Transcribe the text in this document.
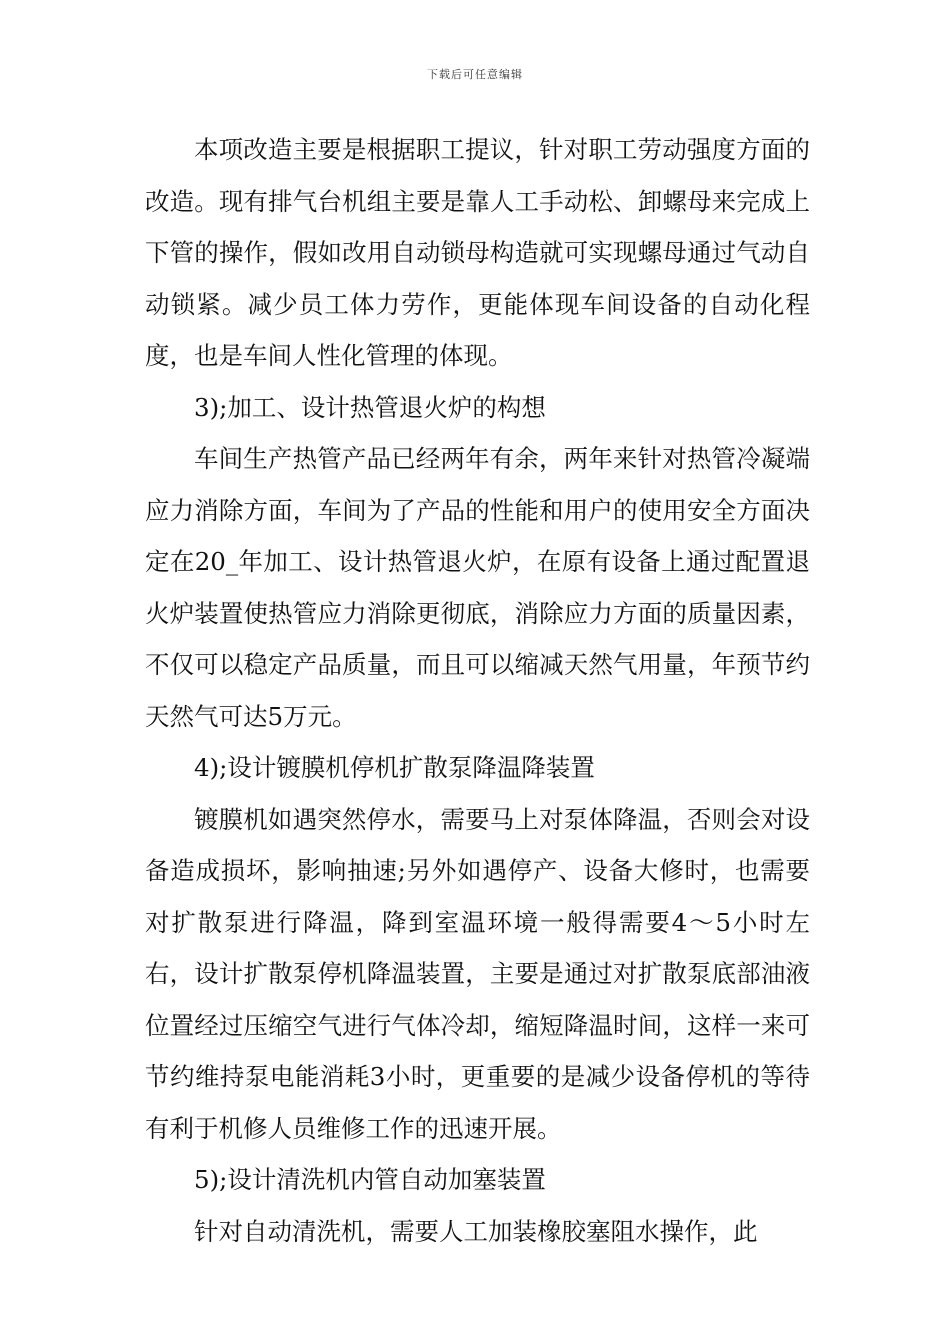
下载后可任意编辑

本项改造主要是根据职工提议，针对职工劳动强度方面的改造。现有排气台机组主要是靠人工手动松、卸螺母来完成上下管的操作，假如改用自动锁母构造就可实现螺母通过气动自动锁紧。减少员工体力劳作，更能体现车间设备的自动化程度，也是车间人性化管理的体现。

3);加工、设计热管退火炉的构想

车间生产热管产品已经两年有余，两年来针对热管冷凝端应力消除方面，车间为了产品的性能和用户的使用安全方面决定在20_年加工、设计热管退火炉，在原有设备上通过配置退火炉装置使热管应力消除更彻底，消除应力方面的质量因素，不仅可以稳定产品质量，而且可以缩减天然气用量，年预节约天然气可达5万元。

4);设计镀膜机停机扩散泵降温降装置

镀膜机如遇突然停水，需要马上对泵体降温，否则会对设备造成损坏，影响抽速;另外如遇停产、设备大修时，也需要对扩散泵进行降温，降到室温环境一般得需要4～5小时左右，设计扩散泵停机降温装置，主要是通过对扩散泵底部油液位置经过压缩空气进行气体冷却，缩短降温时间，这样一来可节约维持泵电能消耗3小时，更重要的是减少设备停机的等待有利于机修人员维修工作的迅速开展。

5);设计清洗机内管自动加塞装置

针对自动清洗机，需要人工加装橡胶塞阻水操作，此
